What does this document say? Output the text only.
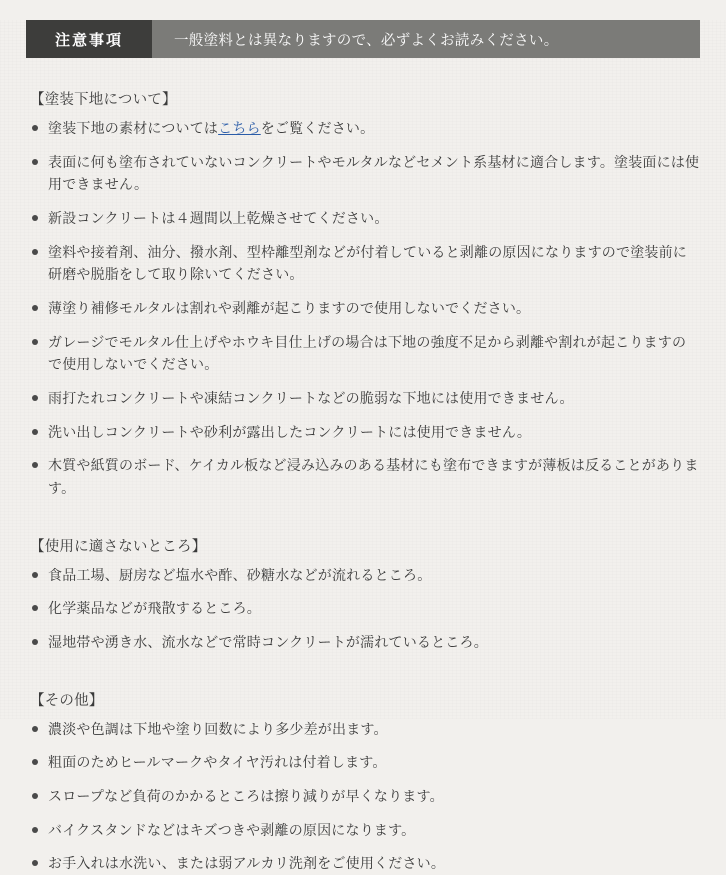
注意事項	一般塗料とは異なりますので、必ずよくお読みください。
【塗装下地について】
塗装下地の素材についてはこちらをご覧ください。
表面に何も塗布されていないコンクリートやモルタルなどセメント系基材に適合します。塗装面には使用できません。
新設コンクリートは４週間以上乾燥させてください。
塗料や接着剤、油分、撥水剤、型枠離型剤などが付着していると剥離の原因になりますので塗装前に研磨や脱脂をして取り除いてください。
薄塗り補修モルタルは割れや剥離が起こりますので使用しないでください。
ガレージでモルタル仕上げやホウキ目仕上げの場合は下地の強度不足から剥離や割れが起こりますので使用しないでください。
雨打たれコンクリートや凍結コンクリートなどの脆弱な下地には使用できません。
洗い出しコンクリートや砂利が露出したコンクリートには使用できません。
木質や紙質のボード、ケイカル板など浸み込みのある基材にも塗布できますが薄板は反ることがあります。
【使用に適さないところ】
食品工場、厨房など塩水や酢、砂糖水などが流れるところ。
化学薬品などが飛散するところ。
湿地帯や湧き水、流水などで常時コンクリートが濡れているところ。
【その他】
濃淡や色調は下地や塗り回数により多少差が出ます。
粗面のためヒールマークやタイヤ汚れは付着します。
スロープなど負荷のかかるところは擦り減りが早くなります。
バイクスタンドなどはキズつきや剥離の原因になります。
お手入れは水洗い、または弱アルカリ洗剤をご使用ください。
